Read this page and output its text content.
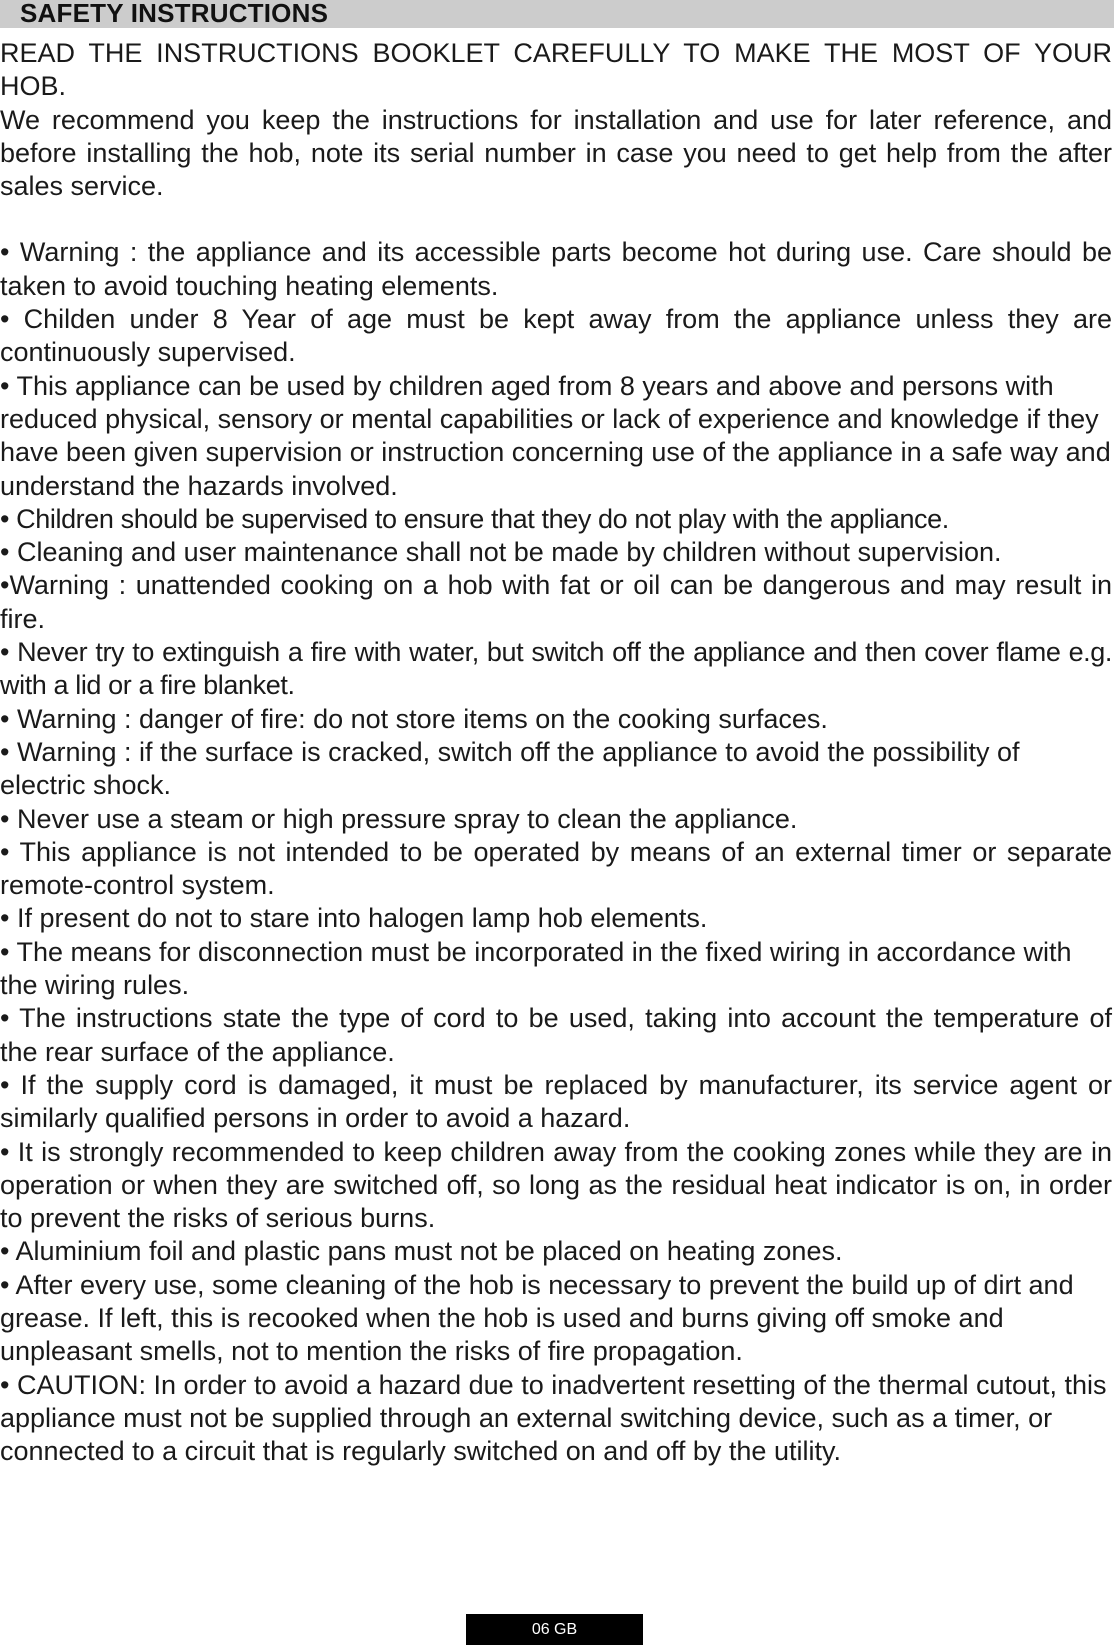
SAFETY INSTRUCTIONS

READ THE INSTRUCTIONS BOOKLET CAREFULLY TO MAKE THE MOST OF YOUR HOB.

We recommend you keep the instructions for installation and use for later reference, and before installing the hob, note its serial number in case you need to get help from the after sales service.

• Warning : the appliance and its accessible parts become hot during use. Care should be taken to avoid touching heating elements.

• Childen under 8 Year of age must be kept away from the appliance unless they are continuously supervised.

• This appliance can be used by children aged from 8 years and above and persons with reduced physical, sensory or mental capabilities or lack of experience and knowledge if they have been given supervision or instruction concerning use of the appliance in a safe way and understand the hazards involved.

• Children should be supervised to ensure that they do not play with the appliance.

• Cleaning and user maintenance shall not be made by children without supervision.

•Warning : unattended cooking on a hob with fat or oil can be dangerous and may result in fire.

• Never try to extinguish a fire with water, but switch off the appliance and then cover flame e.g. with a lid or a fire blanket.

• Warning : danger of fire: do not store items on the cooking surfaces.

• Warning : if the surface is cracked, switch off the appliance to avoid the possibility of electric shock.

• Never use a steam or high pressure spray to clean the appliance.

• This appliance is not intended to be operated by means of an external timer or separate remote-control system.

• If present do not to stare into halogen lamp hob elements.

• The means for disconnection must be incorporated in the fixed wiring in accordance with the wiring rules.

• The instructions state the type of cord to be used, taking into account the temperature of the rear surface of the appliance.

• If the supply cord is damaged, it must be replaced by manufacturer, its service agent or similarly qualified persons in order to avoid a hazard.

• It is strongly recommended to keep children away from the cooking zones while they are in operation or when they are switched off, so long as the residual heat indicator is on, in order to prevent the risks of serious burns.

• Aluminium foil and plastic pans must not be placed on heating zones.

• After every use, some cleaning of the hob is necessary to prevent the build up of dirt and grease. If left, this is recooked when the hob is used and burns giving off smoke and unpleasant smells, not to mention the risks of fire propagation.

• CAUTION: In order to avoid a hazard due to inadvertent resetting of the thermal cutout, this appliance must not be supplied through an external switching device, such as a timer, or connected to a circuit that is regularly switched on and off by the utility.

06 GB
